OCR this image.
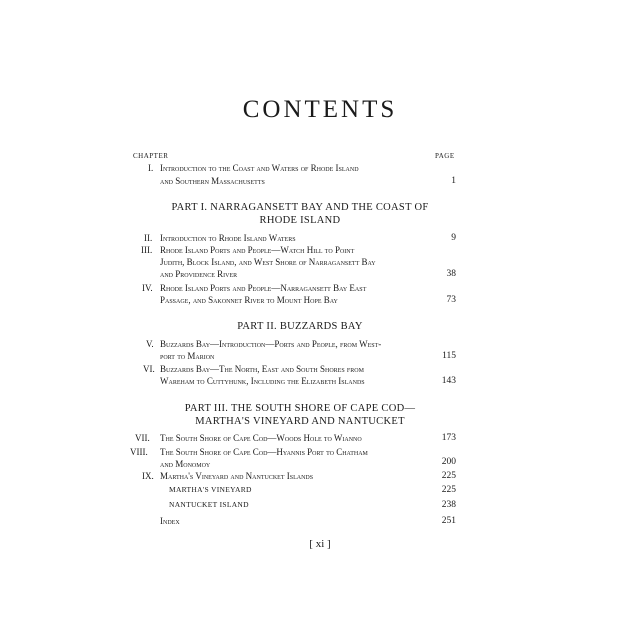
CONTENTS
CHAPTER	PAGE
I. Introduction to the Coast and Waters of Rhode Island
and Southern Massachusetts	1
PART I. NARRAGANSETT BAY AND THE COAST OF
RHODE ISLAND
II. Introduction to Rhode Island Waters	9
III. Rhode Island Ports and People—Watch Hill to Point
Judith, Block Island, and West Shore of Narragansett Bay
and Providence River	38
IV. Rhode Island Ports and People—Narragansett Bay East
Passage, and Sakonnet River to Mount Hope Bay	73
PART II. BUZZARDS BAY
V. Buzzards Bay—Introduction—Ports and People, from West-
port to Marion	115
VI. Buzzards Bay—The North, East and South Shores from
Wareham to Cuttyhunk, Including the Elizabeth Islands	143
PART III. THE SOUTH SHORE OF CAPE COD—
MARTHA'S VINEYARD AND NANTUCKET
VII. The South Shore of Cape Cod—Woods Hole to Wianno	173
VIII. The South Shore of Cape Cod—Hyannis Port to Chatham
and Monomoy	200
IX. Martha's Vineyard and Nantucket Islands	225
MARTHA'S VINEYARD	225
NANTUCKET ISLAND	238
Index	251
[ xi ]
